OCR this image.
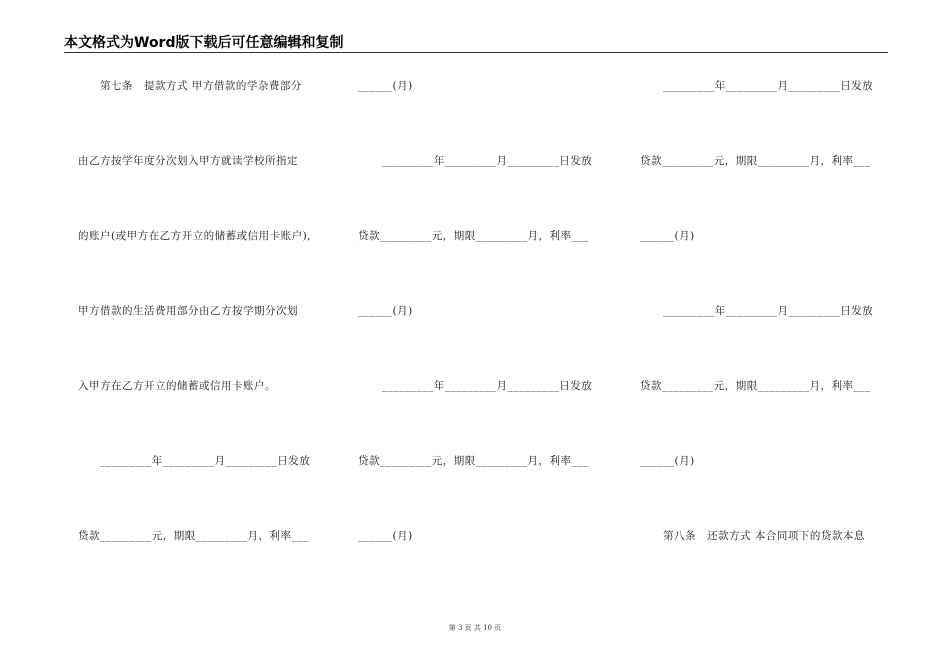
本文格式为Word版下载后可任意编辑和复制
第七条　提款方式 甲方借款的学杂费部分
由乙方按学年度分次划入甲方就读学校所指定
的账户(或甲方在乙方开立的储蓄或信用卡账户),
甲方借款的生活费用部分由乙方按学期分次划
入甲方在乙方开立的储蓄或信用卡账户。
_________年_________月_________日发放
贷款_________元，期限_________月，利率___
______(月)
_________年_________月_________日发放
贷款_________元，期限_________月，利率___
______(月)
_________年_________月_________日发放
贷款_________元，期限_________月，利率___
______(月)
_________年_________月_________日发放
贷款_________元，期限_________月，利率___
______(月)
_________年_________月_________日发放
贷款_________元，期限_________月，利率___
______(月)
第八条　还款方式 本合同项下的贷款本息
第 3 页 共 10 页
